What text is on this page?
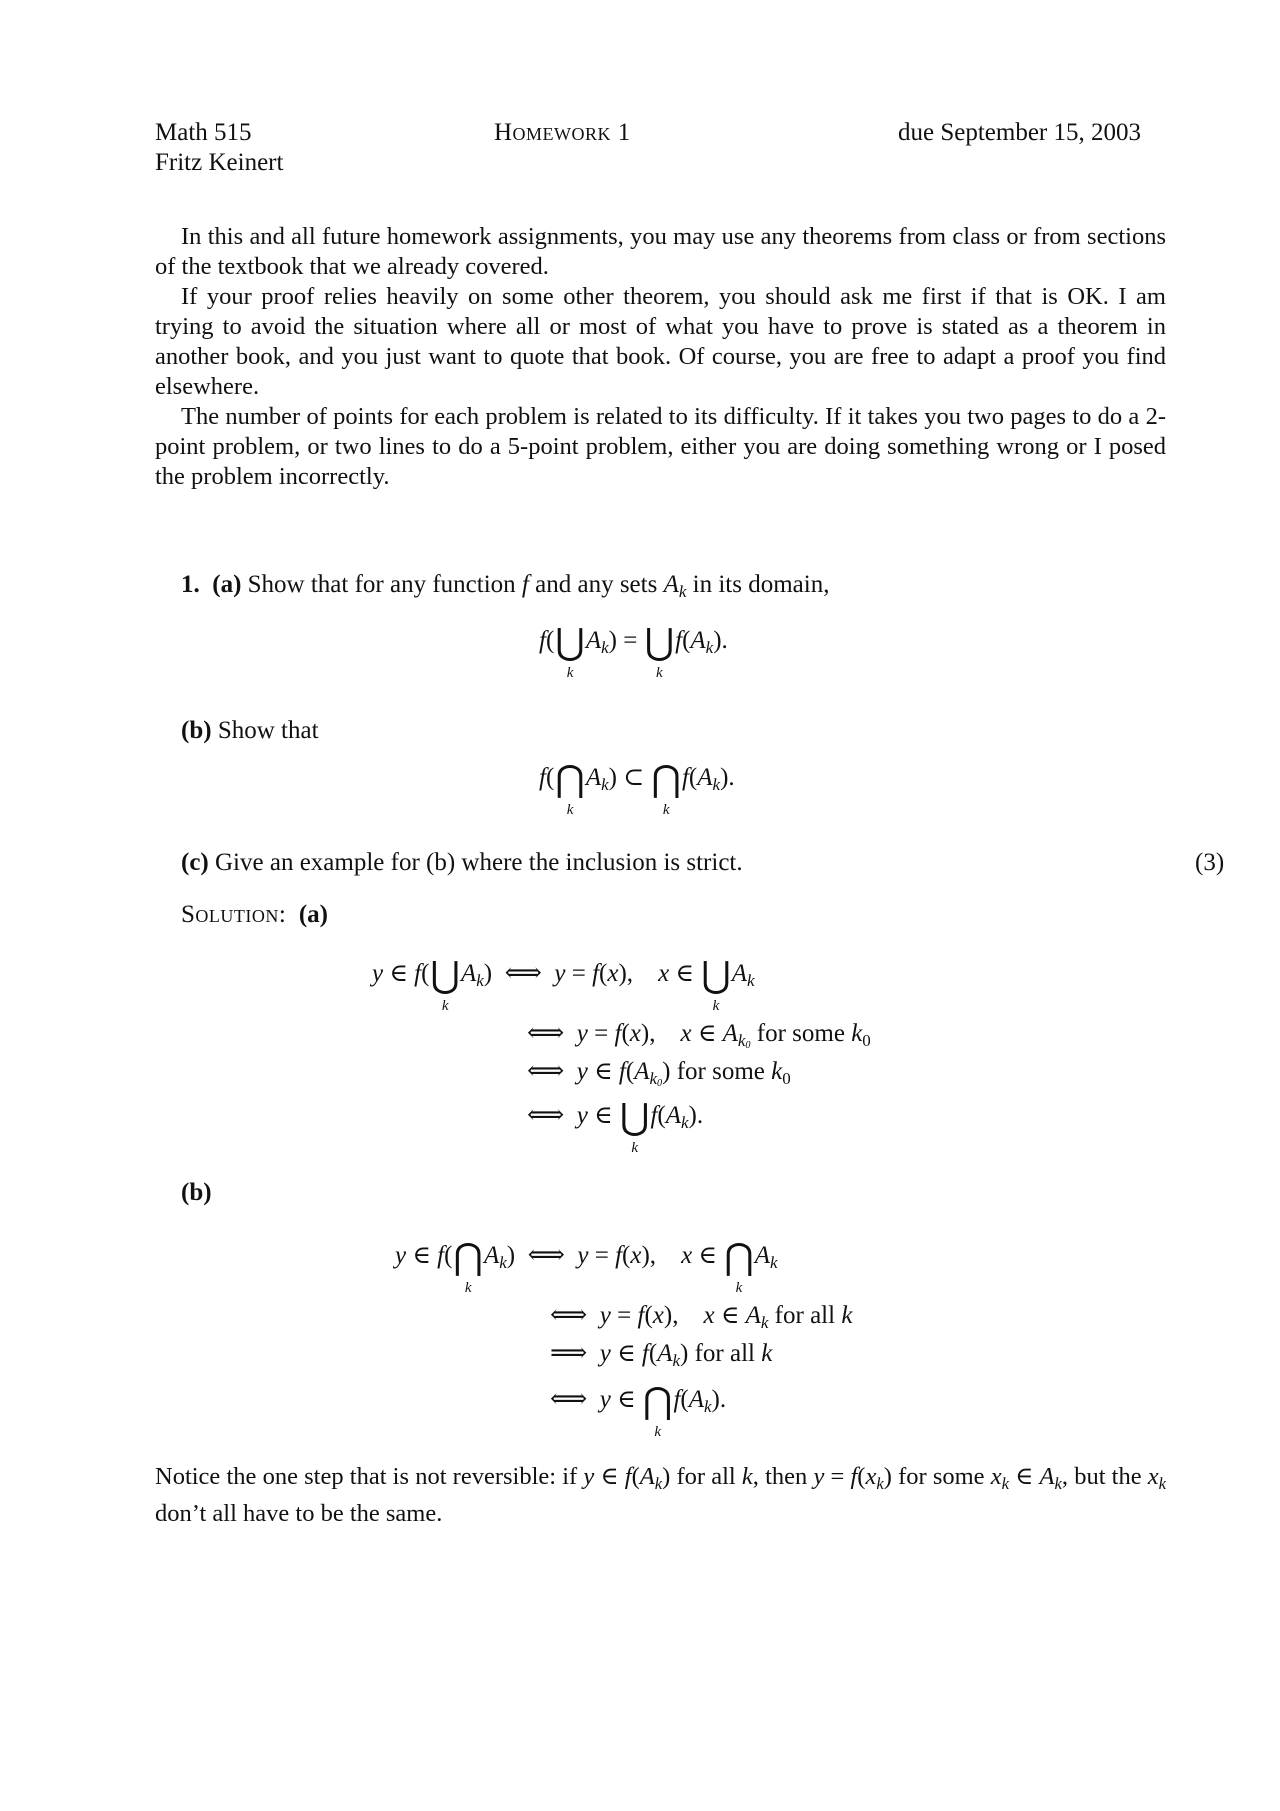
Math 515
Fritz Keinert
Homework 1	due September 15, 2003
In this and all future homework assignments, you may use any theorems from class or from sections of the textbook that we already covered.
If your proof relies heavily on some other theorem, you should ask me first if that is OK. I am trying to avoid the situation where all or most of what you have to prove is stated as a theorem in another book, and you just want to quote that book. Of course, you are free to adapt a proof you find elsewhere.
The number of points for each problem is related to its difficulty. If it takes you two pages to do a 2-point problem, or two lines to do a 5-point problem, either you are doing something wrong or I posed the problem incorrectly.
1. (a) Show that for any function f and any sets $A_k$ in its domain,
f(⋃
k
$A_k$) = ⋃
k
$f(A_k)$.
(b) Show that
f(⋂
k
$A_k$) ⊂ ⋂
k
$f(A_k)$.
(c) Give an example for (b) where the inclusion is strict.	(3)
Solution: (a)
y ∈ f(⋃
k
$A_k$)  ⟺ y = f(x),    x ∈ ⋃
k
$A_k$
⟺ y = f(x),    x ∈ $A_{k0}$ for some $k_0$
⟺ y ∈ $f(A_{k0})$ for some $k_0$
⟺ y ∈ ⋃
k
$f(A_k)$.
(b)
y ∈ f(⋂
k
$A_k$)  ⟺ y = f(x),    x ∈ ⋂
k
$A_k$
⟺ y = f(x),    x ∈ $A_k$ for all k
⟹ y ∈ $f(A_k)$ for all k
⟺ y ∈ ⋂
k
$f(A_k)$.
Notice the one step that is not reversible: if y ∈ $f(A_k)$ for all k, then $y = f(x_k)$ for some $x_k$ ∈ $A_k$, but the $x_k$ don’t all have to be the same.
